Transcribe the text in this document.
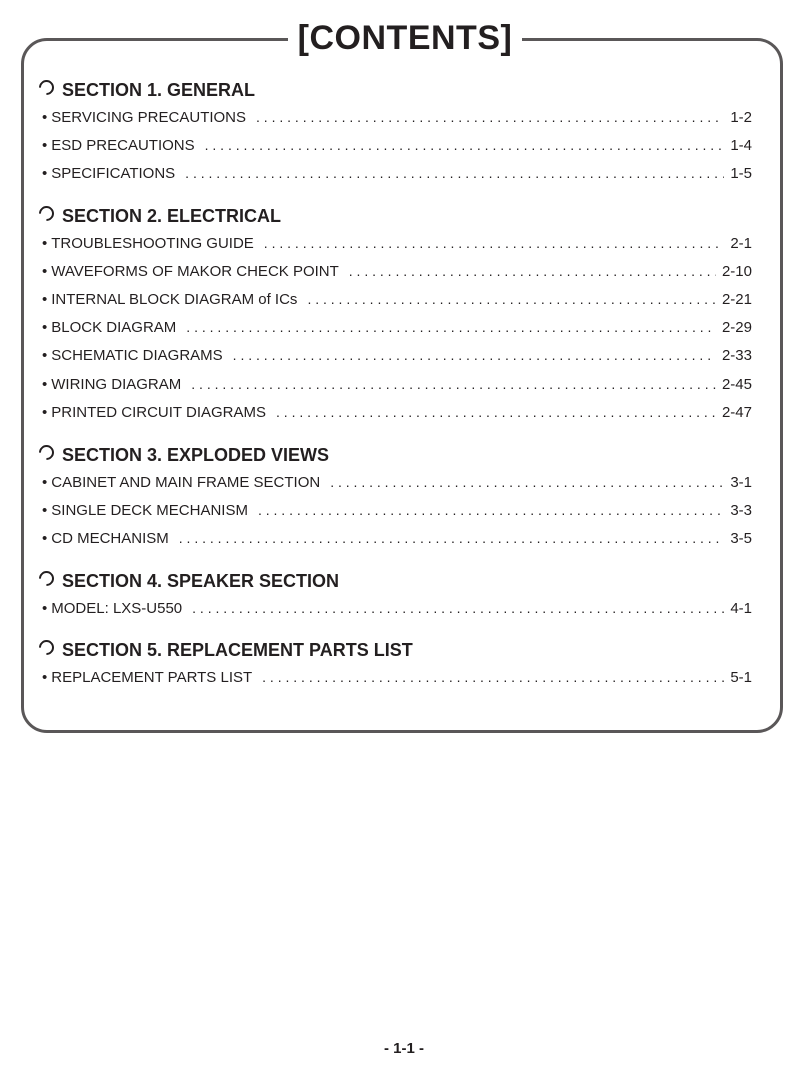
[CONTENTS]
SECTION 1. GENERAL
• SERVICING PRECAUTIONS . . .	1-2
• ESD PRECAUTIONS . . .	1-4
• SPECIFICATIONS . . .	1-5
SECTION 2. ELECTRICAL
• TROUBLESHOOTING GUIDE . . .	2-1
• WAVEFORMS OF MAKOR CHECK POINT . . .	2-10
• INTERNAL BLOCK DIAGRAM of ICs . . .	2-21
• BLOCK DIAGRAM . . .	2-29
• SCHEMATIC DIAGRAMS . . .	2-33
• WIRING DIAGRAM . . .	2-45
• PRINTED CIRCUIT DIAGRAMS . . .	2-47
SECTION 3. EXPLODED VIEWS
• CABINET AND MAIN FRAME SECTION . . .	3-1
• SINGLE DECK MECHANISM . . .	3-3
• CD MECHANISM . . .	3-5
SECTION 4. SPEAKER SECTION
• MODEL: LXS-U550 . . .	4-1
SECTION 5. REPLACEMENT PARTS LIST
• REPLACEMENT PARTS LIST . . .	5-1
- 1-1 -
